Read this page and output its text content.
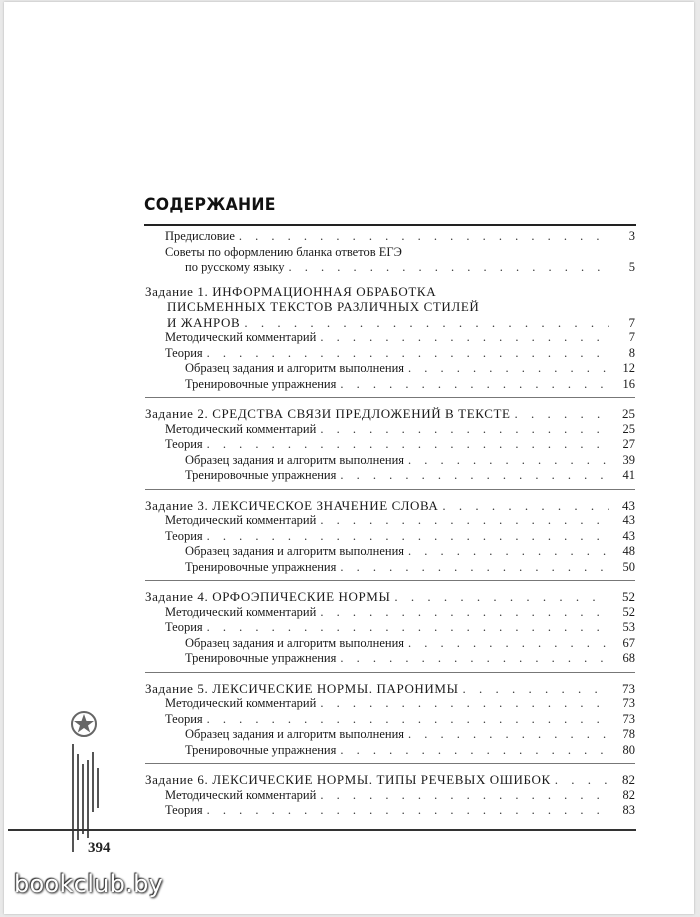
СОДЕРЖАНИЕ
Предисловие . . .	3
Советы по оформлению бланка ответов ЕГЭ
по русскому языку . . .	5
Задание 1. ИНФОРМАЦИОННАЯ ОБРАБОТКА
ПИСЬМЕННЫХ ТЕКСТОВ РАЗЛИЧНЫХ СТИЛЕЙ
И ЖАНРОВ . . .	7
Методический комментарий . . .	7
Теория . . .	8
Образец задания и алгоритм выполнения . . .	12
Тренировочные упражнения . . .	16
Задание 2. СРЕДСТВА СВЯЗИ ПРЕДЛОЖЕНИЙ В ТЕКСТЕ . . .	25
Методический комментарий . . .	25
Теория . . .	27
Образец задания и алгоритм выполнения . . .	39
Тренировочные упражнения . . .	41
Задание 3. ЛЕКСИЧЕСКОЕ ЗНАЧЕНИЕ СЛОВА . . .	43
Методический комментарий . . .	43
Теория . . .	43
Образец задания и алгоритм выполнения . . .	48
Тренировочные упражнения . . .	50
Задание 4. ОРФОЭПИЧЕСКИЕ НОРМЫ . . .	52
Методический комментарий . . .	52
Теория . . .	53
Образец задания и алгоритм выполнения . . .	67
Тренировочные упражнения . . .	68
Задание 5. ЛЕКСИЧЕСКИЕ НОРМЫ. ПАРОНИМЫ . . .	73
Методический комментарий . . .	73
Теория . . .	73
Образец задания и алгоритм выполнения . . .	78
Тренировочные упражнения . . .	80
Задание 6. ЛЕКСИЧЕСКИЕ НОРМЫ. ТИПЫ РЕЧЕВЫХ ОШИБОК . . .	82
Методический комментарий . . .	82
Теория . . .	83
394
bookclub.by
